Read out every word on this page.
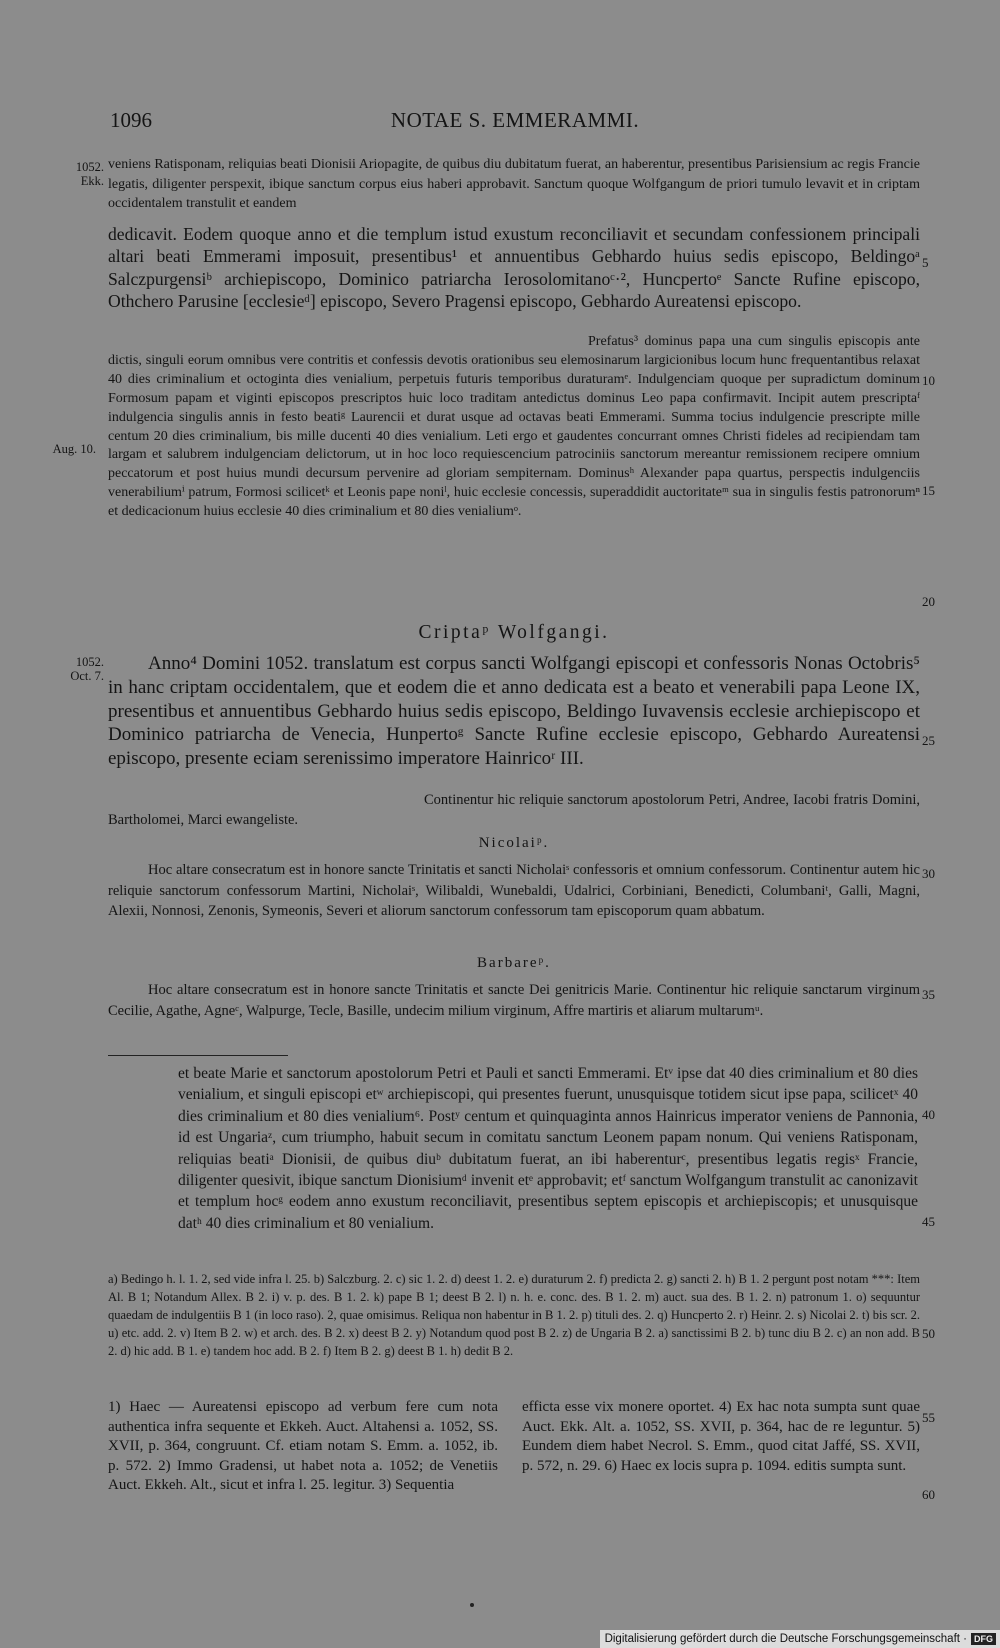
1096	NOTAE S. EMMERAMMI.
1052.
Ekk.
Aug. 10.
1052.
Oct. 7.
5
10
15
20
25
30
35
40
45
50
55
60
veniens Ratisponam, reliquias beati Dionisii Ariopagite, de quibus diu dubitatum fuerat, an haberentur, presentibus Parisiensium ac regis Francie legatis, diligenter perspexit, ibique sanctum corpus eius haberi approbavit. Sanctum quoque Wolfgangum de priori tumulo levavit et in criptam occidentalem transtulit et eandem
dedicavit. Eodem quoque anno et die templum istud exustum reconciliavit et secundam confessionem principali altari beati Emmerami imposuit, presentibus¹ et annuentibus Gebhardo huius sedis episcopo, Beldingoᵃ Salczpurgensiᵇ archiepiscopo, Dominico patriarcha Ierosolomitanoᶜ·², Huncpertoᵉ Sancte Rufine episcopo, Othchero Parusine [ecclesieᵈ] episcopo, Severo Pragensi episcopo, Gebhardo Aureatensi episcopo.
Prefatus³ dominus papa una cum singulis episcopis ante dictis, singuli eorum omnibus vere contritis et confessis devotis orationibus seu elemosinarum largicionibus locum hunc frequentantibus relaxat 40 dies criminalium et octoginta dies venialium, perpetuis futuris temporibus duraturamᵉ. Indulgenciam quoque per supradictum dominum Formosum papam et viginti episcopos prescriptos huic loco traditam antedictus dominus Leo papa confirmavit. Incipit autem prescriptaᶠ indulgencia singulis annis in festo beatiᵍ Laurencii et durat usque ad octavas beati Emmerami. Summa tocius indulgencie prescripte mille centum 20 dies criminalium, bis mille ducenti 40 dies venialium. Leti ergo et gaudentes concurrant omnes Christi fideles ad recipiendam tam largam et salubrem indulgenciam delictorum, ut in hoc loco requiescencium patrociniis sanctorum mereantur remissionem recipere omnium peccatorum et post huius mundi decursum pervenire ad gloriam sempiternam. Dominusʰ Alexander papa quartus, perspectis indulgenciis venerabiliumⁱ patrum, Formosi scilicetᵏ et Leonis pape noniˡ, huic ecclesie concessis, superaddidit auctoritateᵐ sua in singulis festis patronorumⁿ et dedicacionum huius ecclesie 40 dies criminalium et 80 dies venialiumᵒ.
Criptaᵖ Wolfgangi.
Anno⁴ Domini 1052. translatum est corpus sancti Wolfgangi episcopi et confessoris Nonas Octobris⁵ in hanc criptam occidentalem, que et eodem die et anno dedicata est a beato et venerabili papa Leone IX, presentibus et annuentibus Gebhardo huius sedis episcopo, Beldingo Iuvavensis ecclesie archiepiscopo et Dominico patriarcha de Venecia, Hunpertoᵍ Sancte Rufine ecclesie episcopo, Gebhardo Aureatensi episcopo, presente eciam serenissimo imperatore Hainricoʳ III.
Continentur hic reliquie sanctorum apostolorum Petri, Andree, Iacobi fratris Domini, Bartholomei, Marci ewangeliste.
Nicolaiᵖ.
Hoc altare consecratum est in honore sancte Trinitatis et sancti Nicholaiˢ confessoris et omnium confessorum. Continentur autem hic reliquie sanctorum confessorum Martini, Nicholaiˢ, Wilibaldi, Wunebaldi, Udalrici, Corbiniani, Benedicti, Columbaniᵗ, Galli, Magni, Alexii, Nonnosi, Zenonis, Symeonis, Severi et aliorum sanctorum confessorum tam episcoporum quam abbatum.
Barbareᵖ.
Hoc altare consecratum est in honore sancte Trinitatis et sancte Dei genitricis Marie. Continentur hic reliquie sanctarum virginum Cecilie, Agathe, Agneᶜ, Walpurge, Tecle, Basille, undecim milium virginum, Affre martiris et aliarum multarumᵘ.
et beate Marie et sanctorum apostolorum Petri et Pauli et sancti Emmerami. Etᵛ ipse dat 40 dies criminalium et 80 dies venialium, et singuli episcopi etʷ archiepiscopi, qui presentes fuerunt, unusquisque totidem sicut ipse papa, scilicetˣ 40 dies criminalium et 80 dies venialium⁶. Postʸ centum et quinquaginta annos Hainricus imperator veniens de Pannonia, id est Ungariaᶻ, cum triumpho, habuit secum in comitatu sanctum Leonem papam nonum. Qui veniens Ratisponam, reliquias beatiᵃ Dionisii, de quibus diuᵇ dubitatum fuerat, an ibi haberenturᶜ, presentibus legatis regisˣ Francie, diligenter quesivit, ibique sanctum Dionisiumᵈ invenit etᵉ approbavit; etᶠ sanctum Wolfgangum transtulit ac canonizavit et templum hocᵍ eodem anno exustum reconciliavit, presentibus septem episcopis et archiepiscopis; et unusquisque datʰ 40 dies criminalium et 80 venialium.
a) Bedingo h. l. 1. 2, sed vide infra l. 25. b) Salczburg. 2. c) sic 1. 2. d) deest 1. 2. e) duraturum 2. f) predicta 2. g) sancti 2. h) B 1. 2 pergunt post notam ***: Item Al. B 1; Notandum Allex. B 2. i) v. p. des. B 1. 2. k) pape B 1; deest B 2. l) n. h. e. conc. des. B 1. 2. m) auct. sua des. B 1. 2. n) patronum 1. o) sequuntur quaedam de indulgentiis B 1 (in loco raso). 2, quae omisimus. Reliqua non habentur in B 1. 2. p) tituli des. 2. q) Huncperto 2. r) Heinr. 2. s) Nicolai 2. t) bis scr. 2. u) etc. add. 2. v) Item B 2. w) et arch. des. B 2. x) deest B 2. y) Notandum quod post B 2. z) de Ungaria B 2. a) sanctissimi B 2. b) tunc diu B 2. c) an non add. B 2. d) hic add. B 1. e) tandem hoc add. B 2. f) Item B 2. g) deest B 1. h) dedit B 2.
1) Haec — Aureatensi episcopo ad verbum fere cum nota authentica infra sequente et Ekkeh. Auct. Altahensi a. 1052, SS. XVII, p. 364, congruunt. Cf. etiam notam S. Emm. a. 1052, ib. p. 572. 2) Immo Gradensi, ut habet nota a. 1052; de Venetiis Auct. Ekkeh. Alt., sicut et infra l. 25. legitur. 3) Sequentia
efficta esse vix monere oportet. 4) Ex hac nota sumpta sunt quae Auct. Ekk. Alt. a. 1052, SS. XVII, p. 364, hac de re leguntur. 5) Eundem diem habet Necrol. S. Emm., quod citat Jaffé, SS. XVII, p. 572, n. 29. 6) Haec ex locis supra p. 1094. editis sumpta sunt.
Digitalisierung gefördert durch die Deutsche Forschungsgemeinschaft · DFG
